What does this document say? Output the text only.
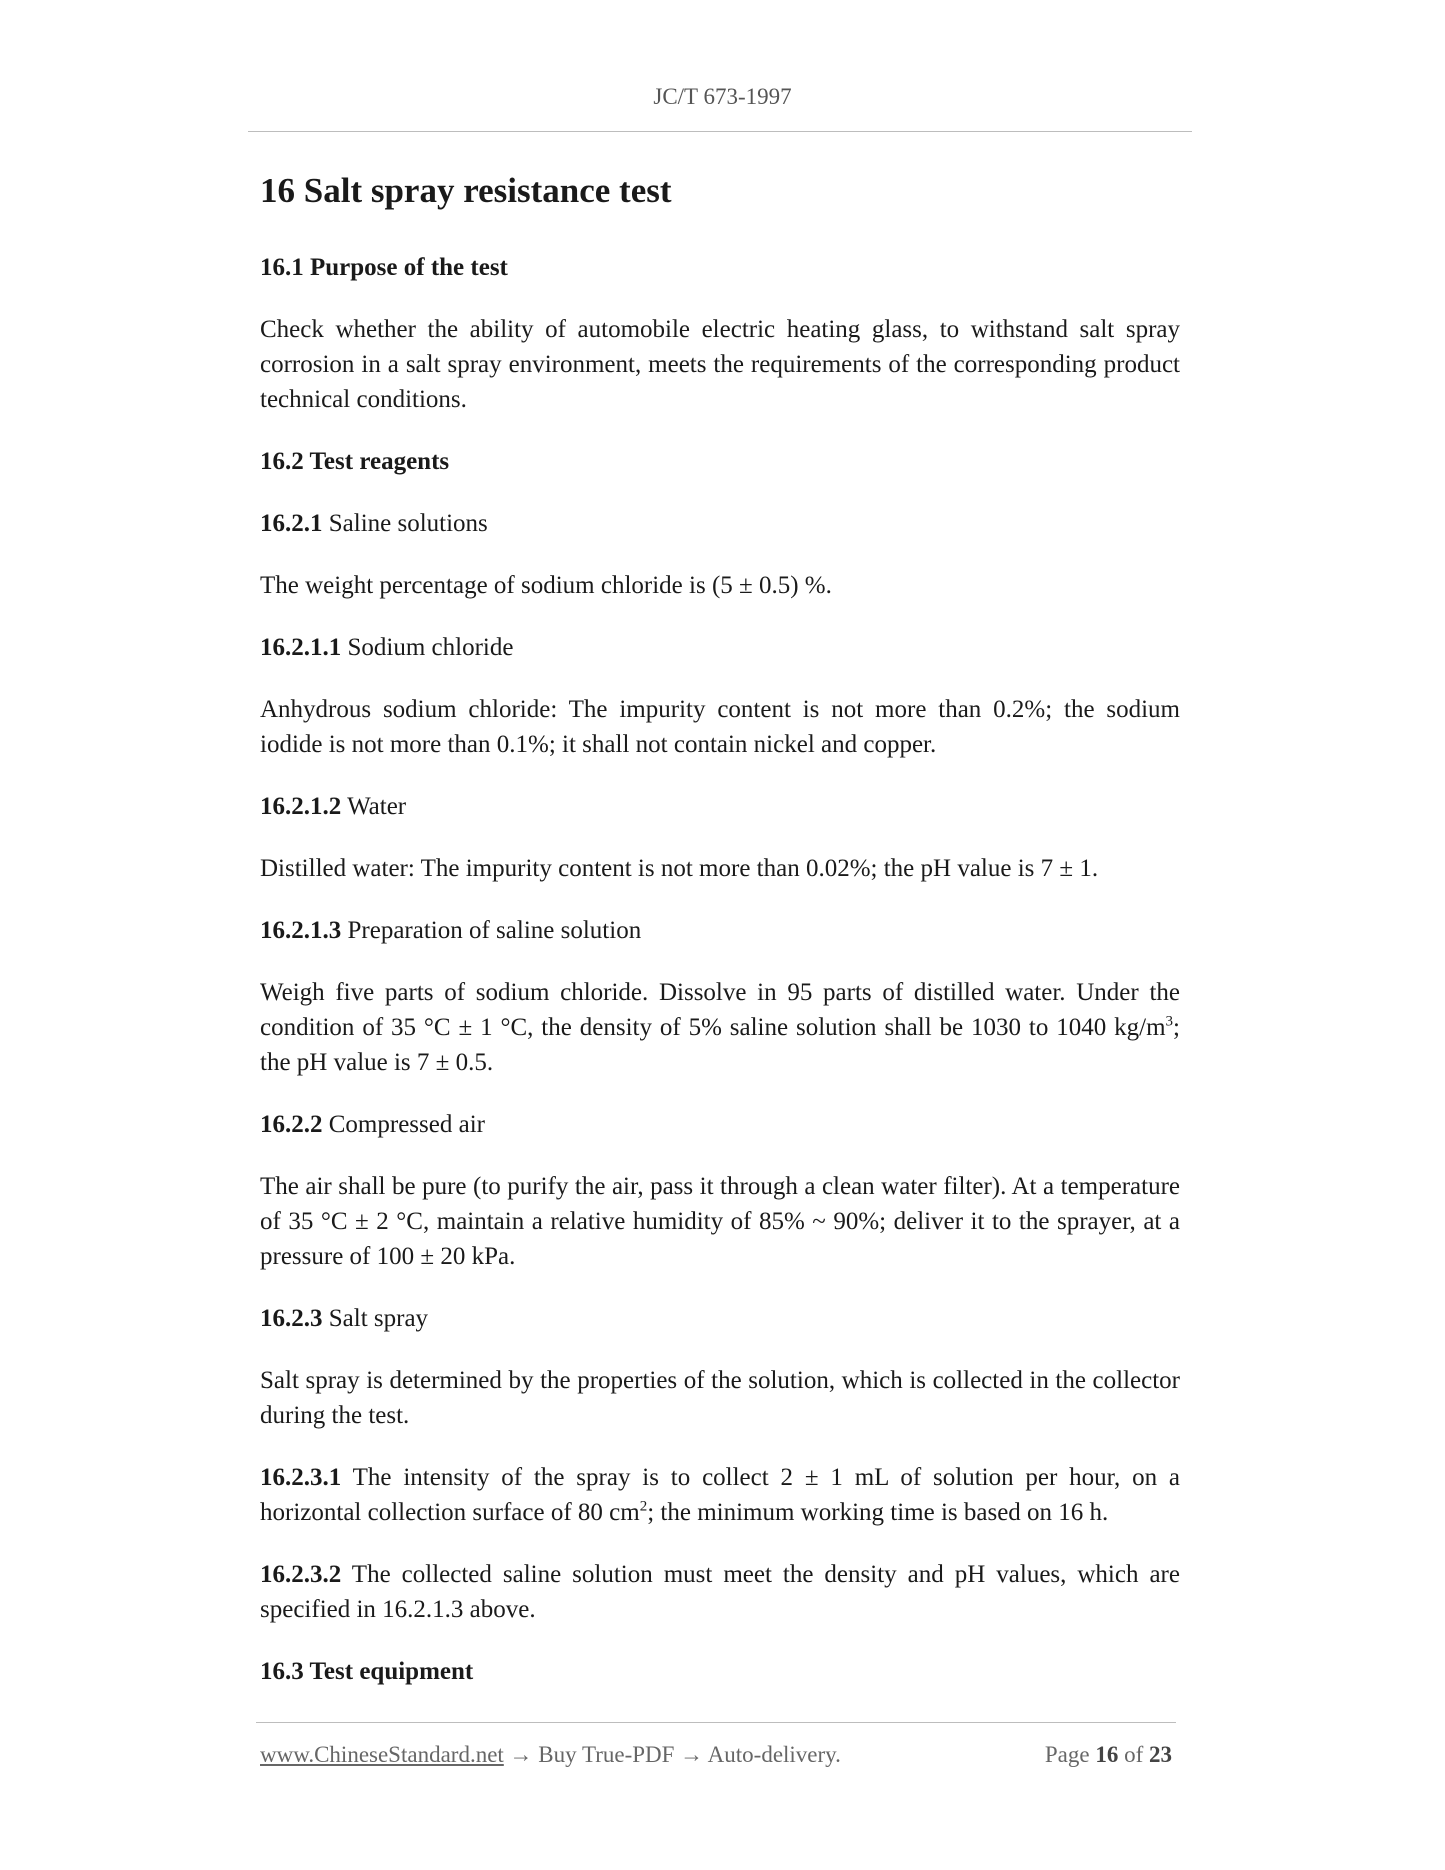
JC/T 673-1997
16 Salt spray resistance test
16.1 Purpose of the test

Check whether the ability of automobile electric heating glass, to withstand salt spray corrosion in a salt spray environment, meets the requirements of the corresponding product technical conditions.

16.2 Test reagents

16.2.1 Saline solutions

The weight percentage of sodium chloride is (5 ± 0.5) %.

16.2.1.1 Sodium chloride

Anhydrous sodium chloride: The impurity content is not more than 0.2%; the sodium iodide is not more than 0.1%; it shall not contain nickel and copper.

16.2.1.2 Water

Distilled water: The impurity content is not more than 0.02%; the pH value is 7 ± 1.

16.2.1.3 Preparation of saline solution

Weigh five parts of sodium chloride. Dissolve in 95 parts of distilled water. Under the condition of 35 °C ± 1 °C, the density of 5% saline solution shall be 1030 to 1040 $kg/m^3$; the pH value is 7 ± 0.5.

16.2.2 Compressed air

The air shall be pure (to purify the air, pass it through a clean water filter). At a temperature of 35 °C ± 2 °C, maintain a relative humidity of 85% ~ 90%; deliver it to the sprayer, at a pressure of 100 ± 20 kPa.

16.2.3 Salt spray

Salt spray is determined by the properties of the solution, which is collected in the collector during the test.

16.2.3.1 The intensity of the spray is to collect 2 ± 1 mL of solution per hour, on a horizontal collection surface of 80 $cm^2$; the minimum working time is based on 16 h.

16.2.3.2 The collected saline solution must meet the density and pH values, which are specified in 16.2.1.3 above.

16.3 Test equipment
www.ChineseStandard.net → Buy True-PDF → Auto-delivery.	Page 16 of 23
